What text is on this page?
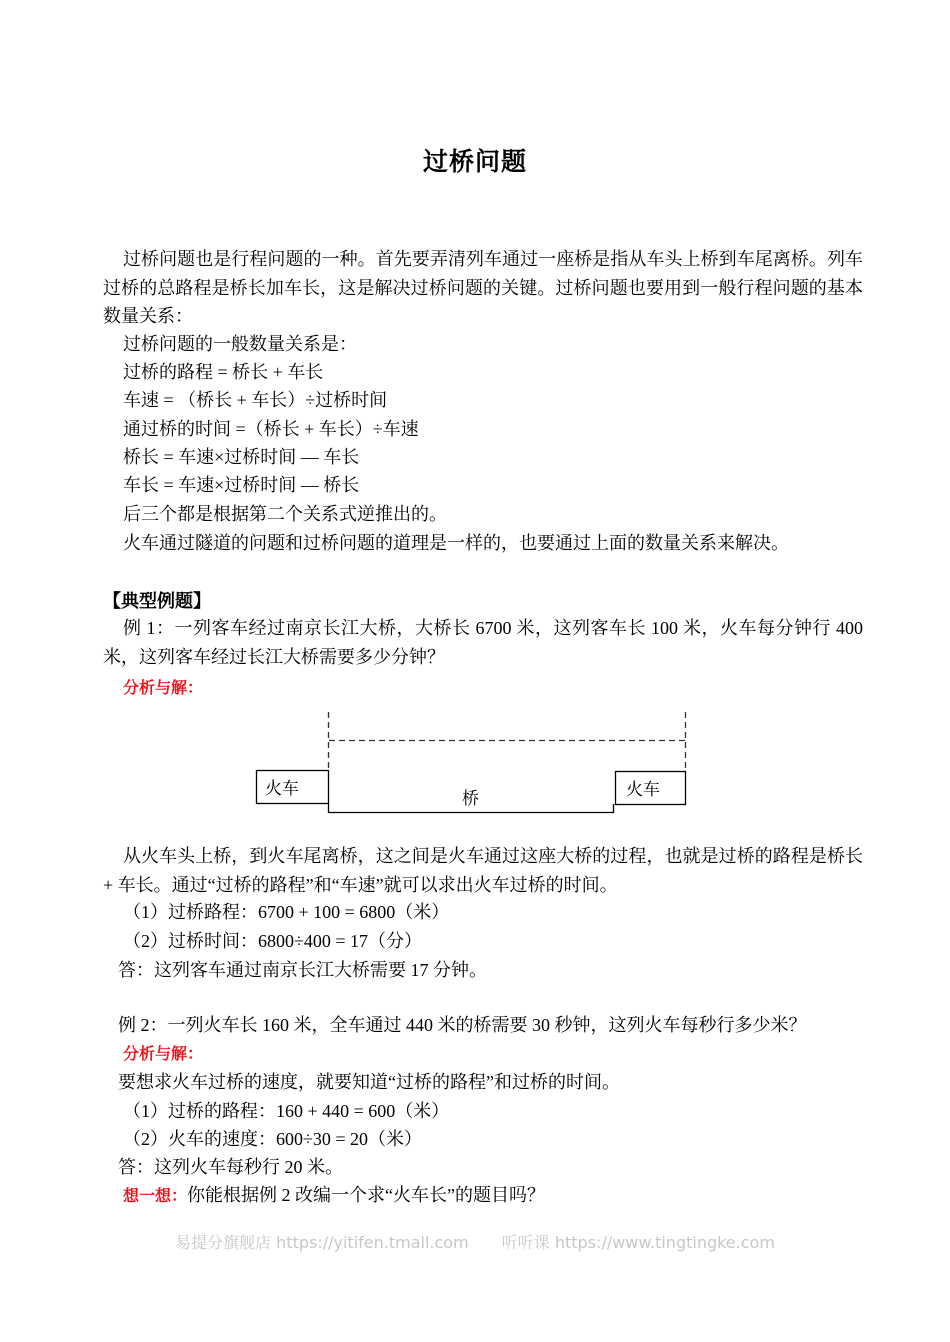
过桥问题
过桥问题也是行程问题的一种。首先要弄清列车通过一座桥是指从车头上桥到车尾离桥。列车过桥的总路程是桥长加车长，这是解决过桥问题的关键。过桥问题也要用到一般行程问题的基本数量关系：
过桥问题的一般数量关系是：
过桥的路程 = 桥长 + 车长
车速 = （桥长 + 车长）÷过桥时间
通过桥的时间 =（桥长 + 车长）÷车速
桥长 = 车速×过桥时间 — 车长
车长 = 车速×过桥时间 — 桥长
后三个都是根据第二个关系式逆推出的。
火车通过隧道的问题和过桥问题的道理是一样的，也要通过上面的数量关系来解决。
【典型例题】
例 1：一列客车经过南京长江大桥，大桥长 6700 米，这列客车长 100 米，火车每分钟行 400 米，这列客车经过长江大桥需要多少分钟？
分析与解：
火车	火车
桥
从火车头上桥，到火车尾离桥，这之间是火车通过这座大桥的过程，也就是过桥的路程是桥长 + 车长。通过“过桥的路程”和“车速”就可以求出火车过桥的时间。
（1）过桥路程：6700 + 100 = 6800（米）
（2）过桥时间：6800÷400 = 17（分）
答：这列客车通过南京长江大桥需要 17 分钟。
例 2：一列火车长 160 米，全车通过 440 米的桥需要 30 秒钟，这列火车每秒行多少米？
分析与解：
要想求火车过桥的速度，就要知道“过桥的路程”和过桥的时间。
（1）过桥的路程：160 + 440 = 600（米）
（2）火车的速度：600÷30 = 20（米）
答：这列火车每秒行 20 米。
想一想：你能根据例 2 改编一个求“火车长”的题目吗？
易提分旗舰店 https://yitifen.tmall.com 听听课 https://www.tingtingke.com
